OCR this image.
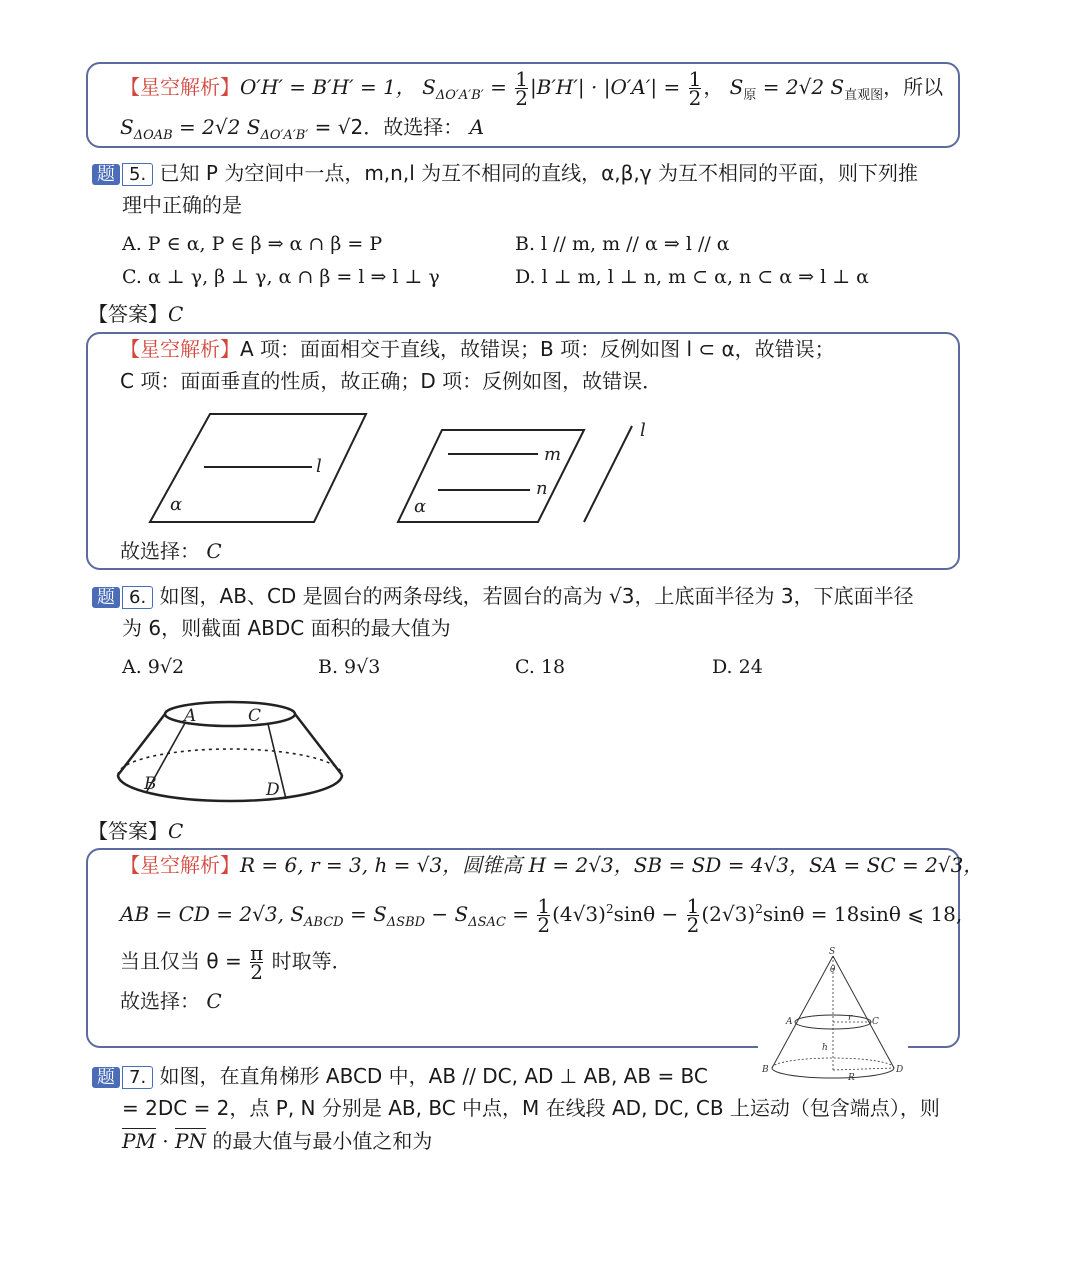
【星空解析】O′H′ = B′H′ = 1， $S_{\Delta O'A'B'} = \frac{1}{2} |B'H'| \cdot |O'A'| = \frac{1}{2}$ ， $S_原 = 2√2$ $S_{直观图}$，所以
$S_{\Delta OAB} = 2√2$ $S_{\Delta O'A'B'} = √2$．故选择： A
题 5. 已知 P 为空间中一点，m,n,l 为互不相同的直线，α,β,γ 为互不相同的平面，则下列推
理中正确的是
A. P ∈ α, P ∈ β ⇒ α ∩ β = P	B. l // m, m // α ⇒ l // α
C. α ⊥ γ, β ⊥ γ, α ∩ β = l ⇒ l ⊥ γ	D. l ⊥ m, l ⊥ n, m ⊂ α, n ⊂ α ⇒ l ⊥ α
【答案】C
【星空解析】A 项：面面相交于直线，故错误；B 项：反例如图 l ⊂ α，故错误；
C 项：面面垂直的性质，故正确；D 项：反例如图，故错误．
α
l
α
m
n
l
故选择： C
题 6. 如图，AB、CD 是圆台的两条母线，若圆台的高为 √3，上底面半径为 3，下底面半径
为 6，则截面 ABDC 面积的最大值为
A. 9√2	B. 9√3	C. 18	D. 24
A	C
B	D
【答案】C
【星空解析】R = 6, r = 3, h = √3，圆锥高 H = 2√3，SB = SD = 4√3，SA = SC = 2√3，
AB = CD = 2√3, $S_{ABCD} = S_{\Delta SBD} - S_{\Delta SAC} = \frac{1}{2} (4√3)^2\sin\theta - \frac{1}{2} (2√3)^2\sin\theta = 18\sin\theta$ ⩽ 18,
当且仅当 $\theta = \frac{\pi}{2}$ 时取等．
故选择： C
S
θ
A	C
r
h
B	D
R
题 7. 如图，在直角梯形 ABCD 中，AB // DC, AD ⊥ AB, AB = BC
= 2DC = 2，点 P, N 分别是 AB, BC 中点，M 在线段 AD, DC, CB 上运动（包含端点），则
PM · PN 的最大值与最小值之和为
